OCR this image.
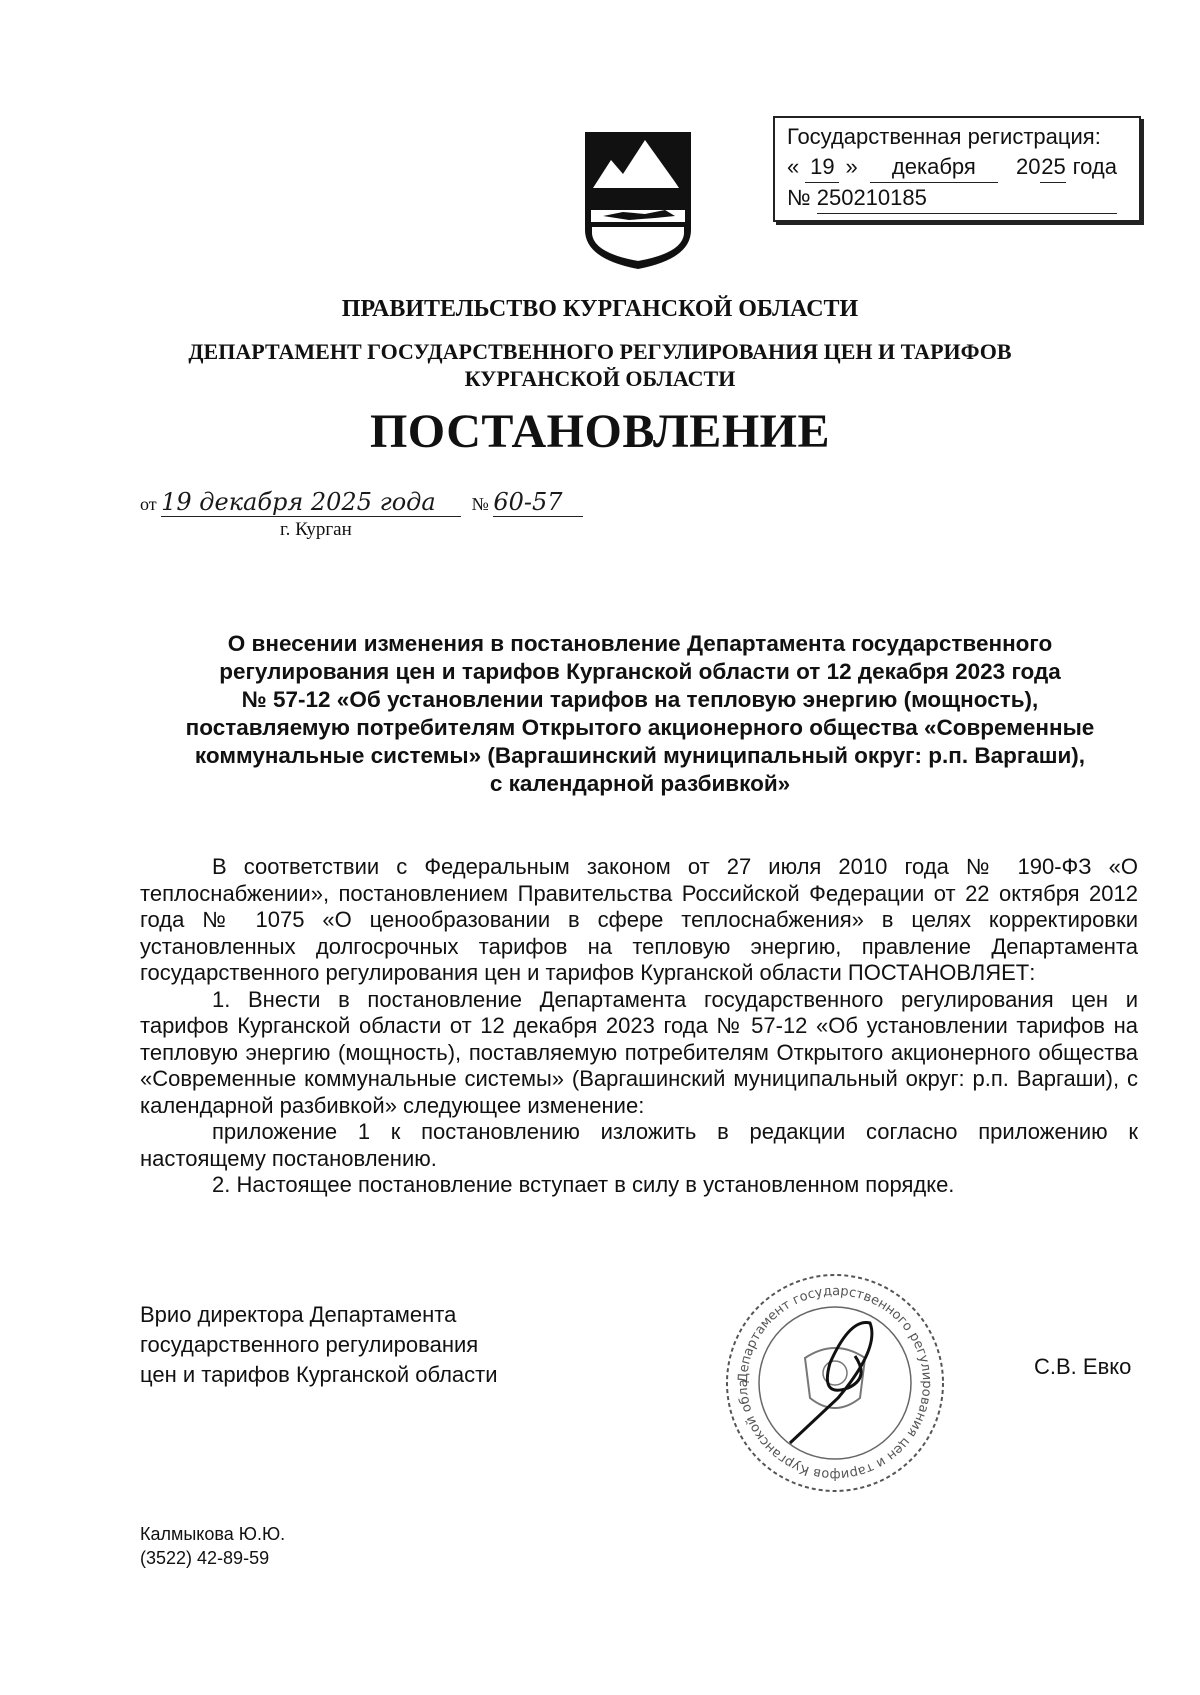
Государственная регистрация:
« 19 » декабря 2025 года
№ 250210185
ПРАВИТЕЛЬСТВО КУРГАНСКОЙ ОБЛАСТИ
ДЕПАРТАМЕНТ ГОСУДАРСТВЕННОГО РЕГУЛИРОВАНИЯ ЦЕН И ТАРИФОВ
КУРГАНСКОЙ ОБЛАСТИ
ПОСТАНОВЛЕНИЕ
от 19 декабря 2025 года № 60-57
г. Курган
О внесении изменения в постановление Департамента государственного
регулирования цен и тарифов Курганской области от 12 декабря 2023 года
№ 57-12 «Об установлении тарифов на тепловую энергию (мощность),
поставляемую потребителям Открытого акционерного общества «Современные
коммунальные системы» (Варгашинский муниципальный округ: р.п. Варгаши),
с календарной разбивкой»

В соответствии с Федеральным законом от 27 июля 2010 года № 190-ФЗ «О теплоснабжении», постановлением Правительства Российской Федерации от 22 октября 2012 года № 1075 «О ценообразовании в сфере теплоснабжения» в целях корректировки установленных долгосрочных тарифов на тепловую энергию, правление Департамента государственного регулирования цен и тарифов Курганской области ПОСТАНОВЛЯЕТ:

1. Внести в постановление Департамента государственного регулирования цен и тарифов Курганской области от 12 декабря 2023 года № 57-12 «Об установлении тарифов на тепловую энергию (мощность), поставляемую потребителям Открытого акционерного общества «Современные коммунальные системы» (Варгашинский муниципальный округ: р.п. Варгаши), с календарной разбивкой» следующее изменение:

приложение 1 к постановлению изложить в редакции согласно приложению к настоящему постановлению.

2. Настоящее постановление вступает в силу в установленном порядке.

Врио директора Департамента
государственного регулирования
цен и тарифов Курганской области	Департамент государственного регулирования цен и тарифов Курганской обла
С.В. Евко
Калмыкова Ю.Ю.
(3522) 42-89-59
